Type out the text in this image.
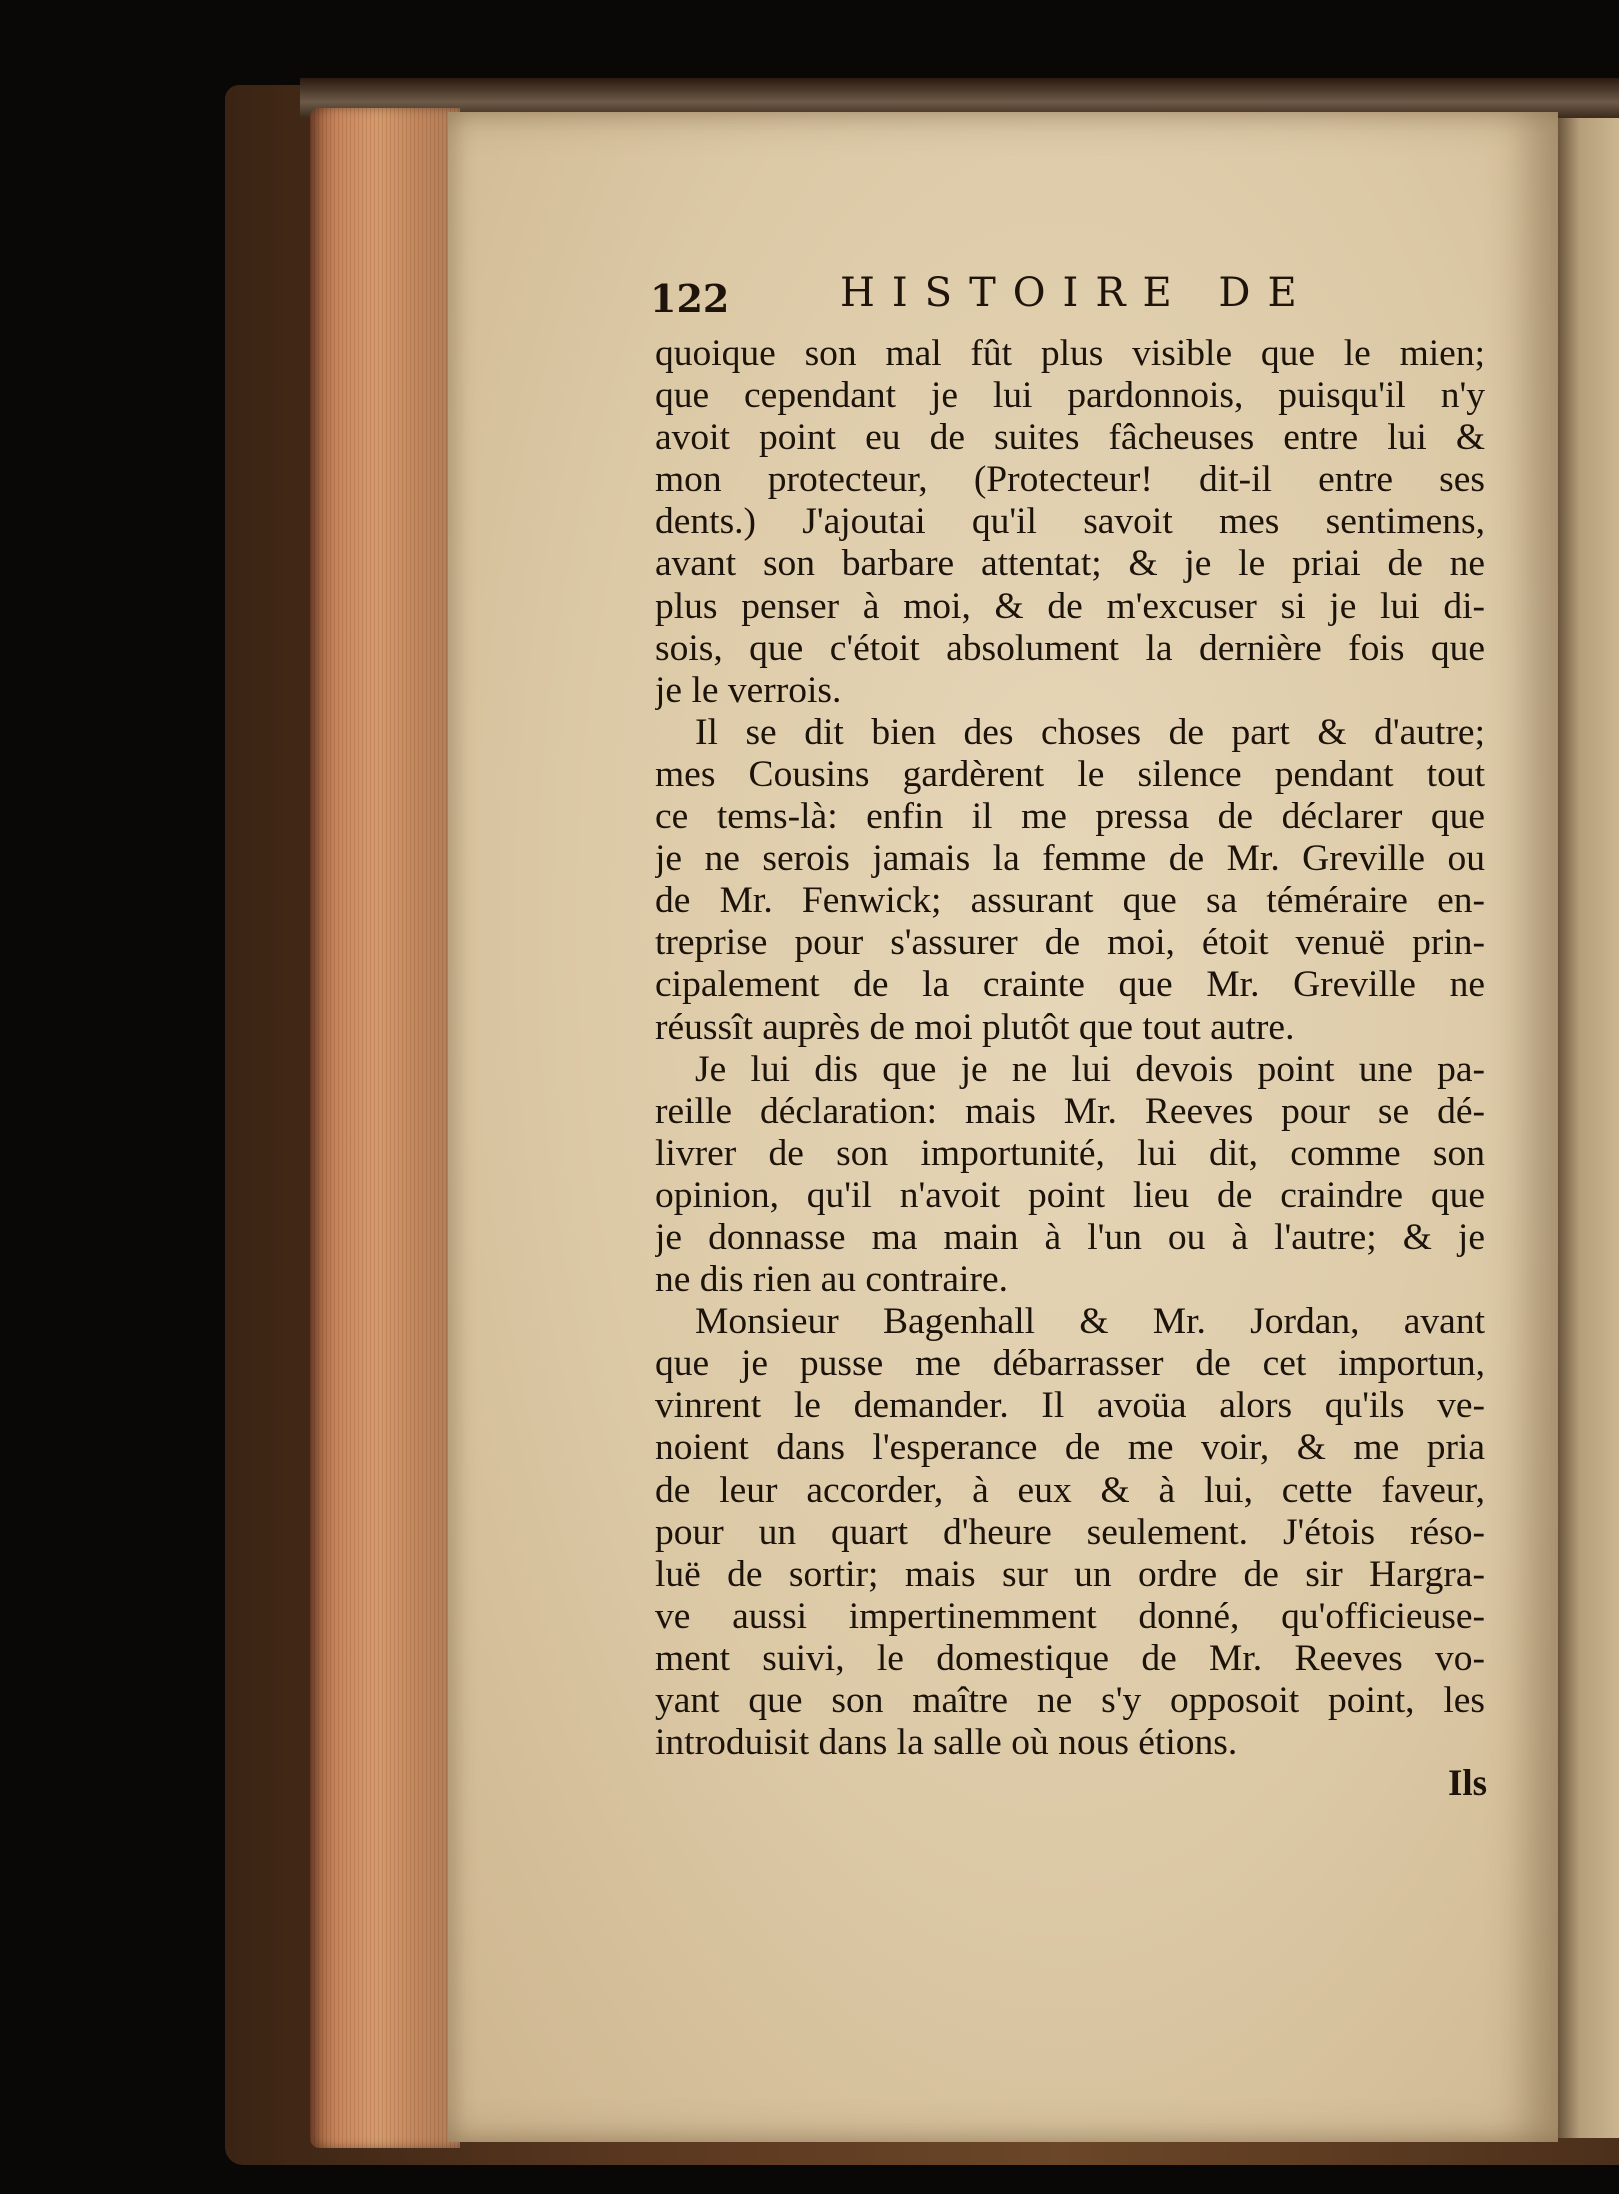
122	HISTOIRE DE
quoique son mal fût plus visible que le mien;
que cependant je lui pardonnois, puisqu'il n'y
avoit point eu de suites fâcheuses entre lui &
mon protecteur, (Protecteur! dit-il entre ses
dents.) J'ajoutai qu'il savoit mes sentimens,
avant son barbare attentat; & je le priai de ne
plus penser à moi, & de m'excuser si je lui di-
sois, que c'étoit absolument la dernière fois que
je le verrois.
Il se dit bien des choses de part & d'autre;
mes Cousins gardèrent le silence pendant tout
ce tems-là: enfin il me pressa de déclarer que
je ne serois jamais la femme de Mr. Greville ou
de Mr. Fenwick; assurant que sa téméraire en-
treprise pour s'assurer de moi, étoit venuë prin-
cipalement de la crainte que Mr. Greville ne
réussît auprès de moi plutôt que tout autre.
Je lui dis que je ne lui devois point une pa-
reille déclaration: mais Mr. Reeves pour se dé-
livrer de son importunité, lui dit, comme son
opinion, qu'il n'avoit point lieu de craindre que
je donnasse ma main à l'un ou à l'autre; & je
ne dis rien au contraire.
Monsieur Bagenhall & Mr. Jordan, avant
que je pusse me débarrasser de cet importun,
vinrent le demander. Il avoüa alors qu'ils ve-
noient dans l'esperance de me voir, & me pria
de leur accorder, à eux & à lui, cette faveur,
pour un quart d'heure seulement. J'étois réso-
luë de sortir; mais sur un ordre de sir Hargra-
ve aussi impertinemment donné, qu'officieuse-
ment suivi, le domestique de Mr. Reeves vo-
yant que son maître ne s'y opposoit point, les
introduisit dans la salle où nous étions.
Ils
